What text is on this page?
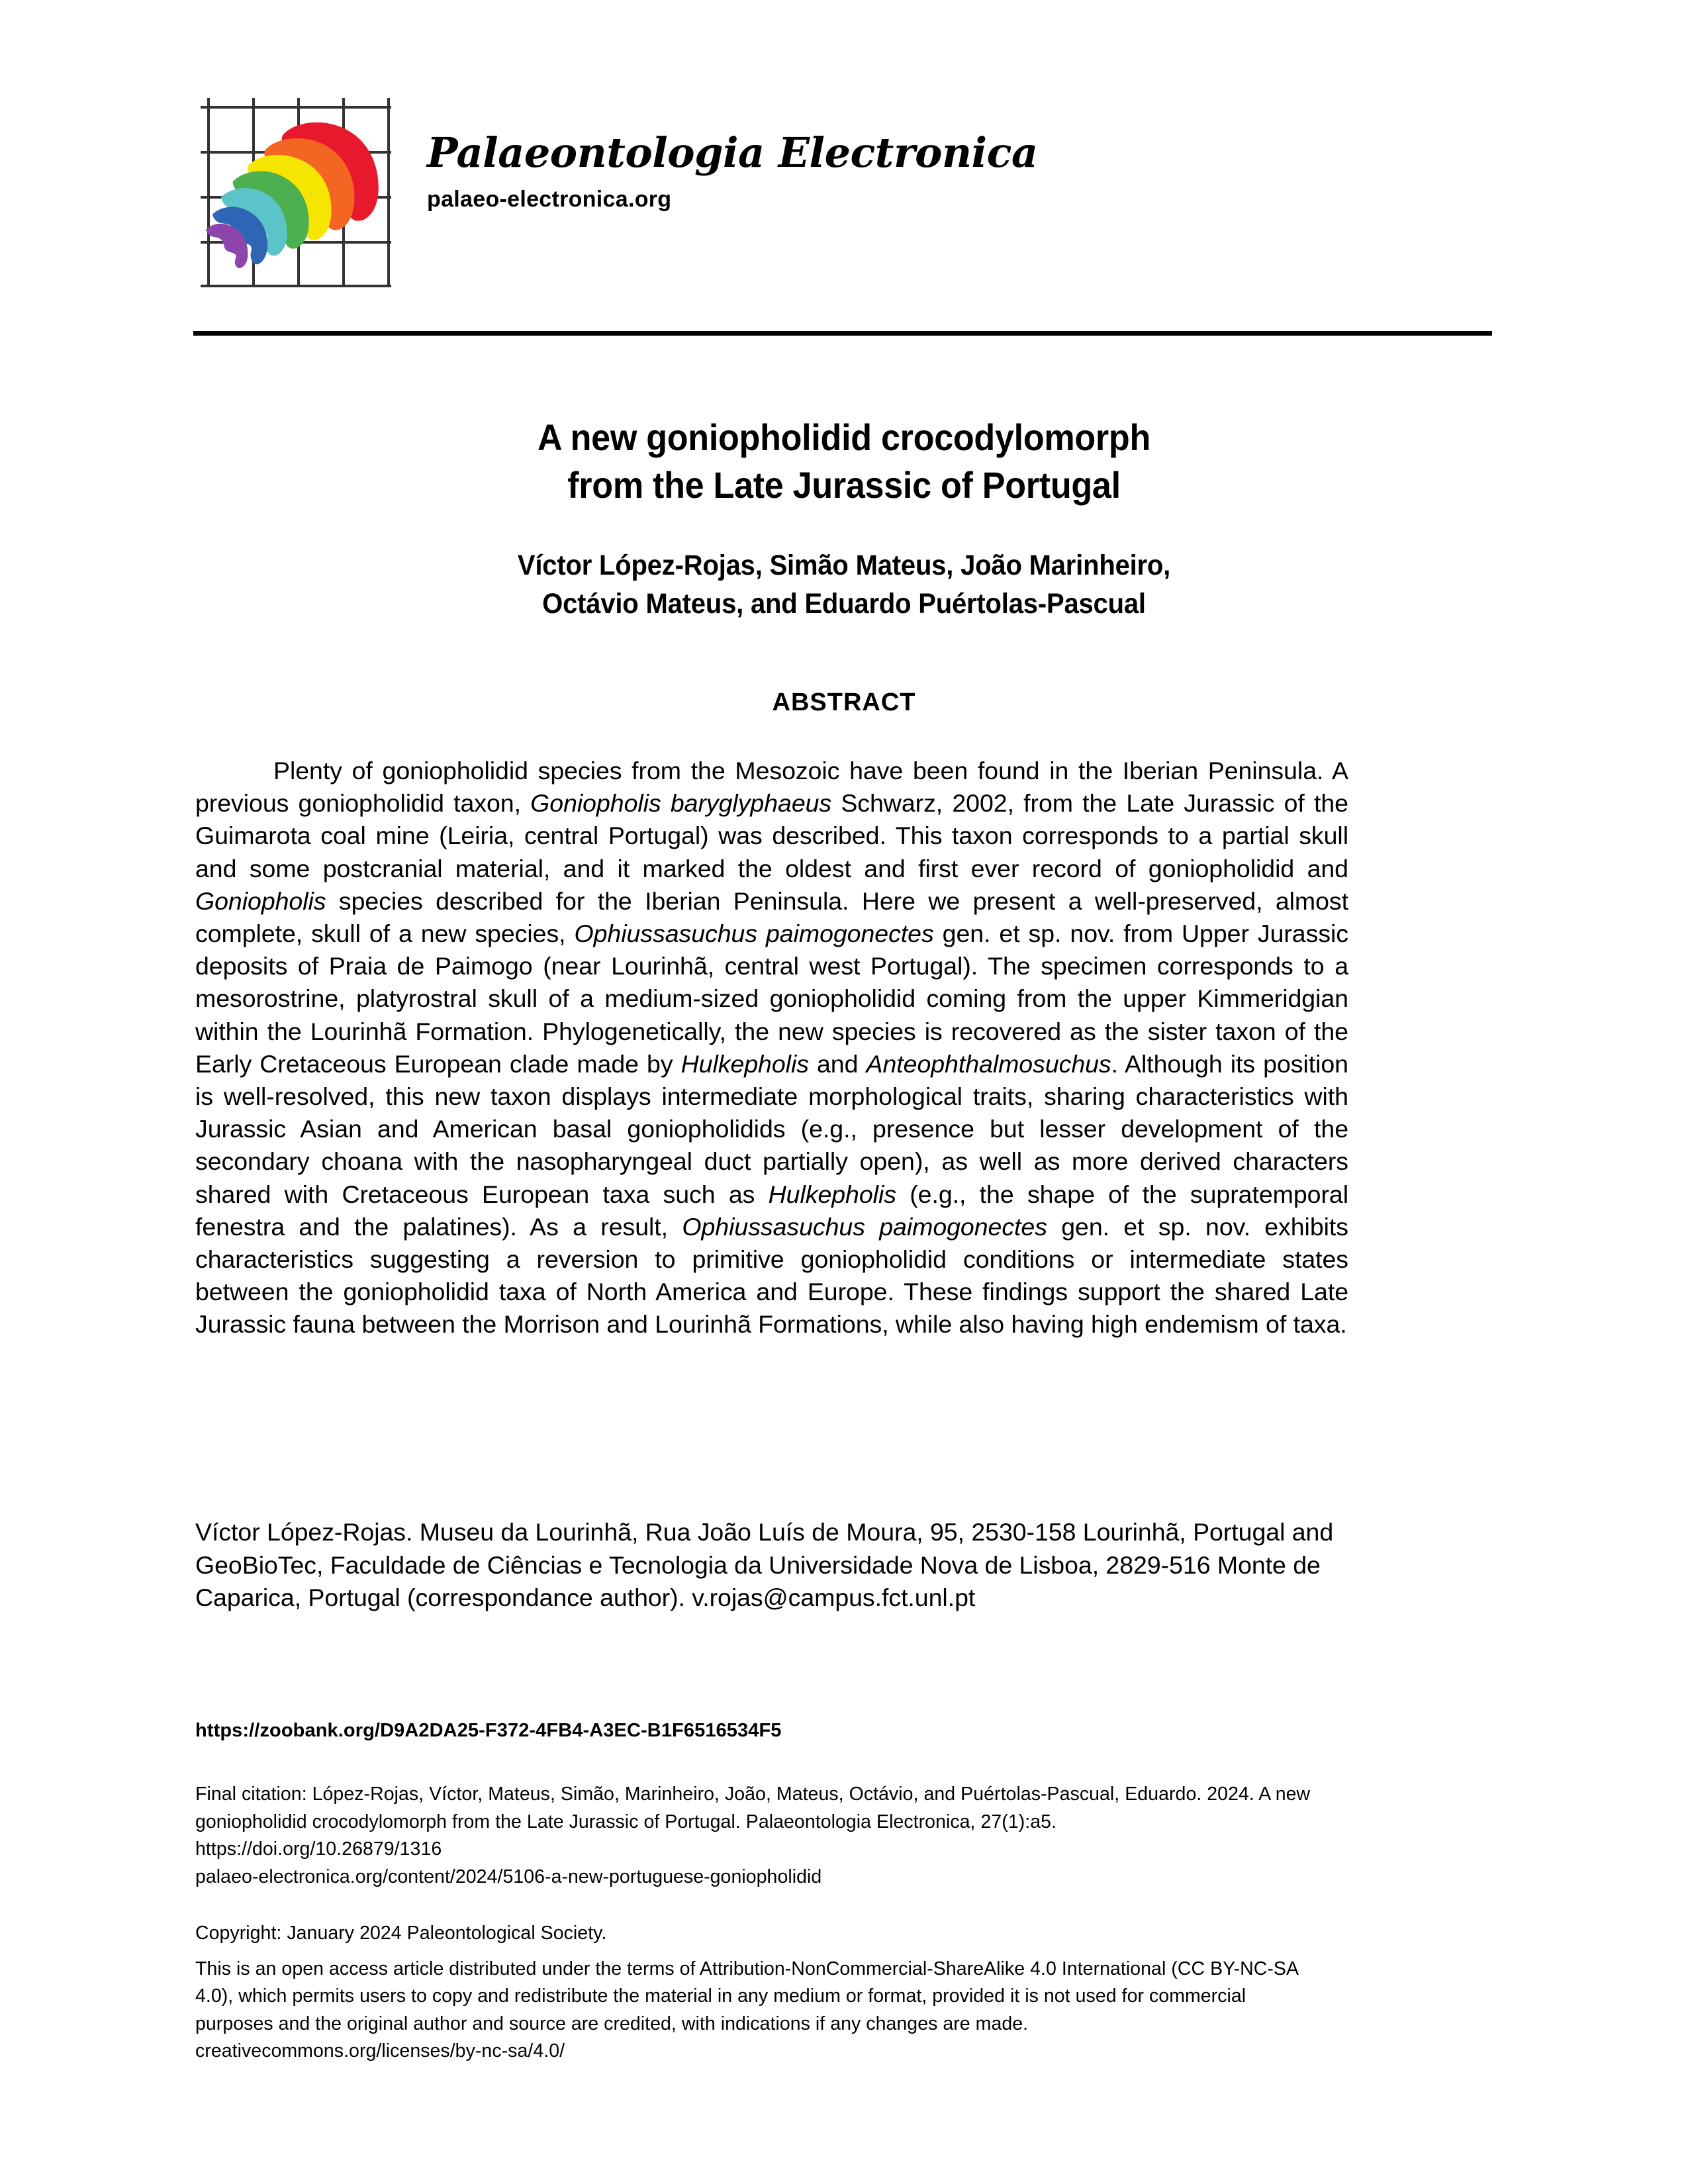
Palaeontologia Electronica
palaeo-electronica.org
A new goniopholidid crocodylomorph
from the Late Jurassic of Portugal
Víctor López-Rojas, Simão Mateus, João Marinheiro,
Octávio Mateus, and Eduardo Puértolas-Pascual
ABSTRACT
Plenty of goniopholidid species from the Mesozoic have been found in the Iberian Peninsula. A previous goniopholidid taxon, Goniopholis baryglyphaeus Schwarz, 2002, from the Late Jurassic of the Guimarota coal mine (Leiria, central Portugal) was described. This taxon corresponds to a partial skull and some postcranial material, and it marked the oldest and first ever record of goniopholidid and Goniopholis species described for the Iberian Peninsula. Here we present a well-preserved, almost complete, skull of a new species, Ophiussasuchus paimogonectes gen. et sp. nov. from Upper Jurassic deposits of Praia de Paimogo (near Lourinhã, central west Portugal). The specimen corresponds to a mesorostrine, platyrostral skull of a medium-sized goniopholidid coming from the upper Kimmeridgian within the Lourinhã Formation. Phylogenetically, the new species is recovered as the sister taxon of the Early Cretaceous European clade made by Hulkepholis and Anteophthalmosuchus. Although its position is well-resolved, this new taxon displays intermediate morphological traits, sharing characteristics with Jurassic Asian and American basal goniopholidids (e.g., presence but lesser development of the secondary choana with the nasopharyngeal duct partially open), as well as more derived characters shared with Cretaceous European taxa such as Hulkepholis (e.g., the shape of the supratemporal fenestra and the palatines). As a result, Ophiussasuchus paimogonectes gen. et sp. nov. exhibits characteristics suggesting a reversion to primitive goniopholidid conditions or intermediate states between the goniopholidid taxa of North America and Europe. These findings support the shared Late Jurassic fauna between the Morrison and Lourinhã Formations, while also having high endemism of taxa.
Víctor López-Rojas. Museu da Lourinhã, Rua João Luís de Moura, 95, 2530-158 Lourinhã, Portugal and GeoBioTec, Faculdade de Ciências e Tecnologia da Universidade Nova de Lisboa, 2829-516 Monte de Caparica, Portugal (correspondance author). v.rojas@campus.fct.unl.pt
https://zoobank.org/D9A2DA25-F372-4FB4-A3EC-B1F6516534F5
Final citation: López-Rojas, Víctor, Mateus, Simão, Marinheiro, João, Mateus, Octávio, and Puértolas-Pascual, Eduardo. 2024. A new
goniopholidid crocodylomorph from the Late Jurassic of Portugal. Palaeontologia Electronica, 27(1):a5.
https://doi.org/10.26879/1316
palaeo-electronica.org/content/2024/5106-a-new-portuguese-goniopholidid
Copyright: January 2024 Paleontological Society.
This is an open access article distributed under the terms of Attribution-NonCommercial-ShareAlike 4.0 International (CC BY-NC-SA
4.0), which permits users to copy and redistribute the material in any medium or format, provided it is not used for commercial
purposes and the original author and source are credited, with indications if any changes are made.
creativecommons.org/licenses/by-nc-sa/4.0/
